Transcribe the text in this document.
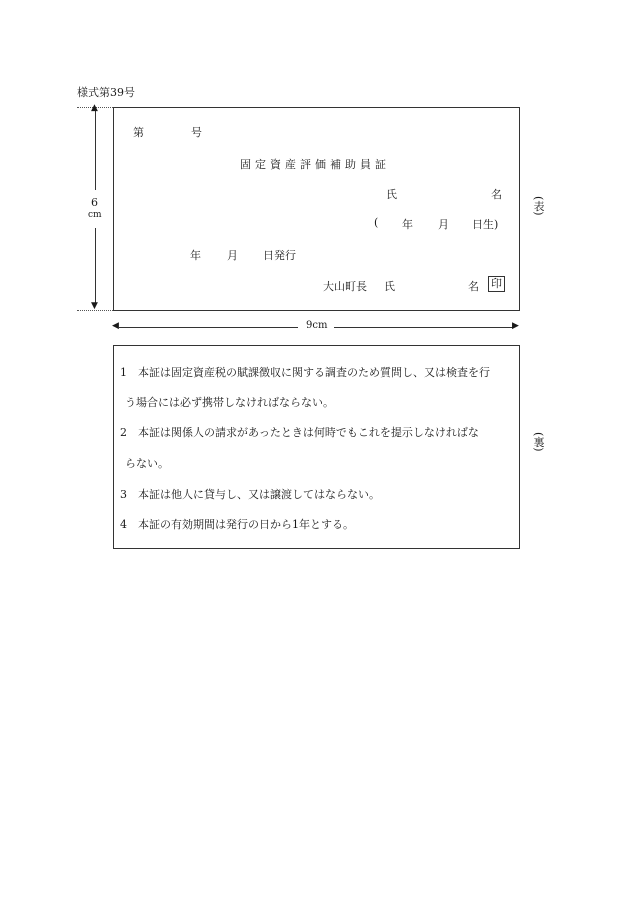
様式第39号
▲
6
cm
▼
第	号
固定資産評価補助員証
氏	名
( 年 月 日生)
年 月 日発行
大山町長 氏	名 印
(表)
◀	9cm	▶
1　本証は固定資産税の賦課徴収に関する調査のため質問し、又は検査を行
う場合には必ず携帯しなければならない。
2　本証は関係人の請求があったときは何時でもこれを提示しなければな
らない。
3　本証は他人に貸与し、又は譲渡してはならない。
4　本証の有効期間は発行の日から1年とする。
(裏)
